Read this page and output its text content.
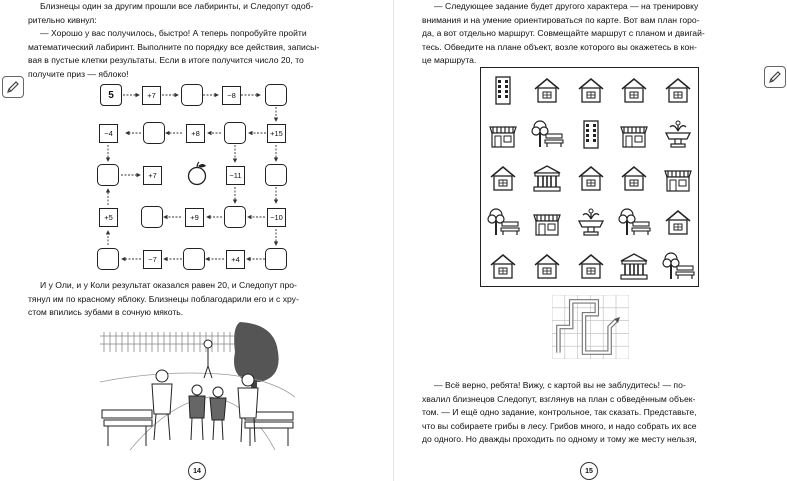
Близнецы один за другим прошли все лабиринты, и Следопут одоб-

рительно кивнул:

— Хорошо у вас получилось, быстро! А теперь попробуйте пройти

математический лабиринт. Выполните по порядку все действия, записы-

вая в пустые клетки результаты. Если в итоге получится число 20, то

получите приз — яблоко!

5	+7	−8
−4	+8	+15
+7	−11
+5	+9	−10
−7	+4

И у Оли, и у Коли результат оказался равен 20, и Следопут про-

тянул им по красному яблоку. Близнецы поблагодарили его и с хру-

стом впились зубами в сочную мякоть.

14

— Следующее задание будет другого характера — на тренировку

внимания и на умение ориентироваться по карте. Вот вам план горо-

да, а вот отдельно маршрут. Совмещайте маршрут с планом и двигай-

тесь. Обведите на плане объект, возле которого вы окажетесь в кон-

це маршрута.

— Всё верно, ребята! Вижу, с картой вы не заблудитесь! — по-

хвалил близнецов Следопут, взглянув на план с обведённым объек-

том. — И ещё одно задание, контрольное, так сказать. Представьте,

что вы собираете грибы в лесу. Грибов много, и надо собрать их все

до одного. Но дважды проходить по одному и тому же месту нельзя,

15
